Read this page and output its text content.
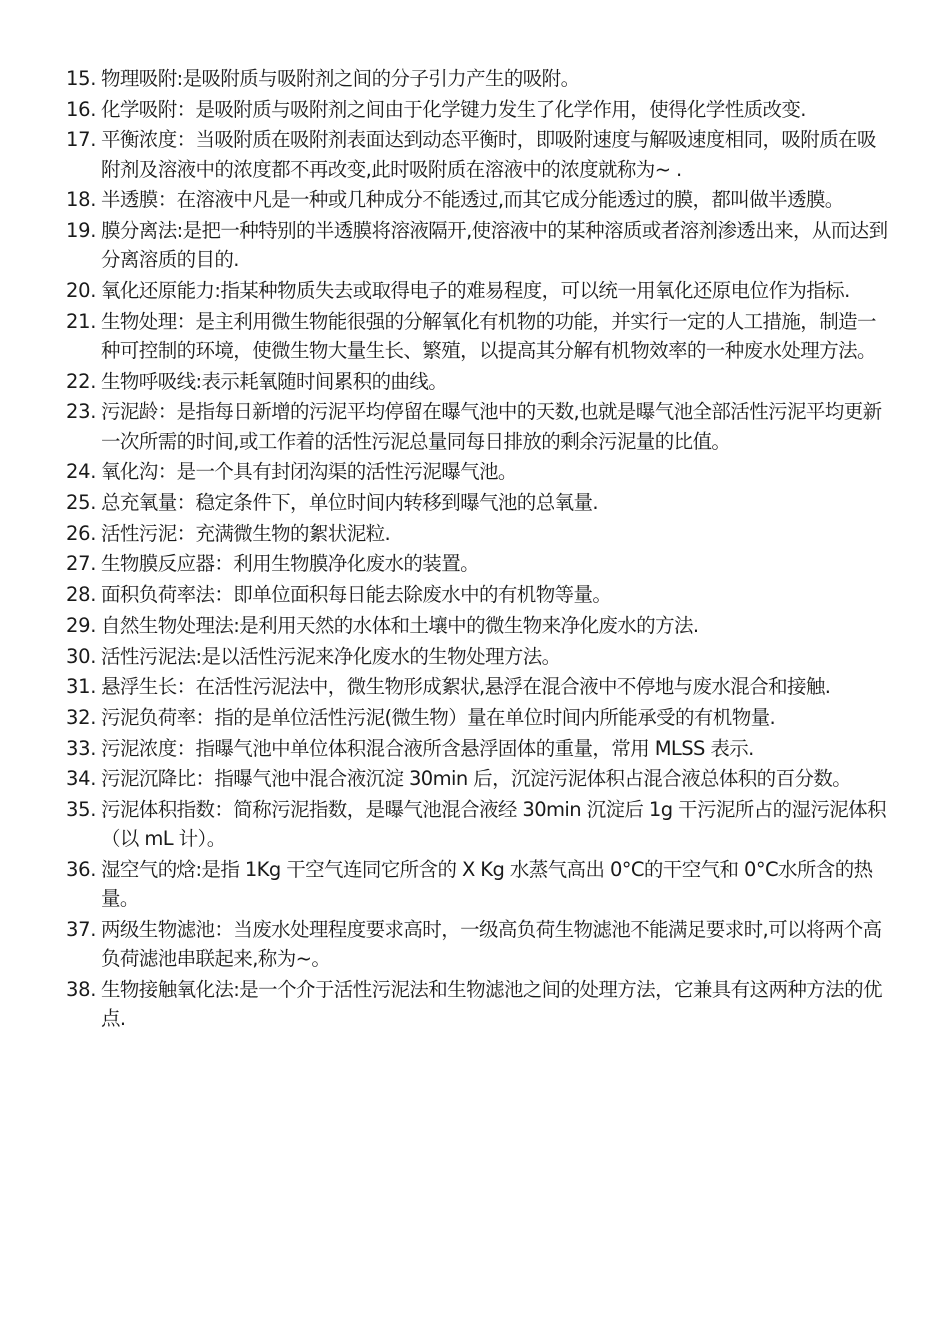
15. 物理吸附:是吸附质与吸附剂之间的分子引力产生的吸附。
16. 化学吸附：是吸附质与吸附剂之间由于化学键力发生了化学作用，使得化学性质改变.
17. 平衡浓度：当吸附质在吸附剂表面达到动态平衡时，即吸附速度与解吸速度相同，吸附质在吸附剂及溶液中的浓度都不再改变,此时吸附质在溶液中的浓度就称为~ .
18. 半透膜：在溶液中凡是一种或几种成分不能透过,而其它成分能透过的膜，都叫做半透膜。
19. 膜分离法:是把一种特别的半透膜将溶液隔开,使溶液中的某种溶质或者溶剂渗透出来，从而达到分离溶质的目的.
20. 氧化还原能力:指某种物质失去或取得电子的难易程度，可以统一用氧化还原电位作为指标.
21. 生物处理：是主利用微生物能很强的分解氧化有机物的功能，并实行一定的人工措施，制造一种可控制的环境，使微生物大量生长、繁殖，以提高其分解有机物效率的一种废水处理方法。
22. 生物呼吸线:表示耗氧随时间累积的曲线。
23. 污泥龄：是指每日新增的污泥平均停留在曝气池中的天数,也就是曝气池全部活性污泥平均更新一次所需的时间,或工作着的活性污泥总量同每日排放的剩余污泥量的比值。
24. 氧化沟：是一个具有封闭沟渠的活性污泥曝气池。
25. 总充氧量：稳定条件下，单位时间内转移到曝气池的总氧量.
26. 活性污泥：充满微生物的絮状泥粒.
27. 生物膜反应器：利用生物膜净化废水的装置。
28. 面积负荷率法：即单位面积每日能去除废水中的有机物等量。
29. 自然生物处理法:是利用天然的水体和土壤中的微生物来净化废水的方法.
30. 活性污泥法:是以活性污泥来净化废水的生物处理方法。
31. 悬浮生长：在活性污泥法中，微生物形成絮状,悬浮在混合液中不停地与废水混合和接触.
32. 污泥负荷率：指的是单位活性污泥(微生物）量在单位时间内所能承受的有机物量.
33. 污泥浓度：指曝气池中单位体积混合液所含悬浮固体的重量，常用 MLSS 表示.
34. 污泥沉降比：指曝气池中混合液沉淀 30min 后，沉淀污泥体积占混合液总体积的百分数。
35. 污泥体积指数：简称污泥指数，是曝气池混合液经 30min 沉淀后 1g 干污泥所占的湿污泥体积（以 mL 计）。
36. 湿空气的焓:是指 1Kg 干空气连同它所含的 X Kg 水蒸气高出 0°C的干空气和 0°C水所含的热量。
37. 两级生物滤池：当废水处理程度要求高时，一级高负荷生物滤池不能满足要求时,可以将两个高负荷滤池串联起来,称为~。
38. 生物接触氧化法:是一个介于活性污泥法和生物滤池之间的处理方法，它兼具有这两种方法的优点.
